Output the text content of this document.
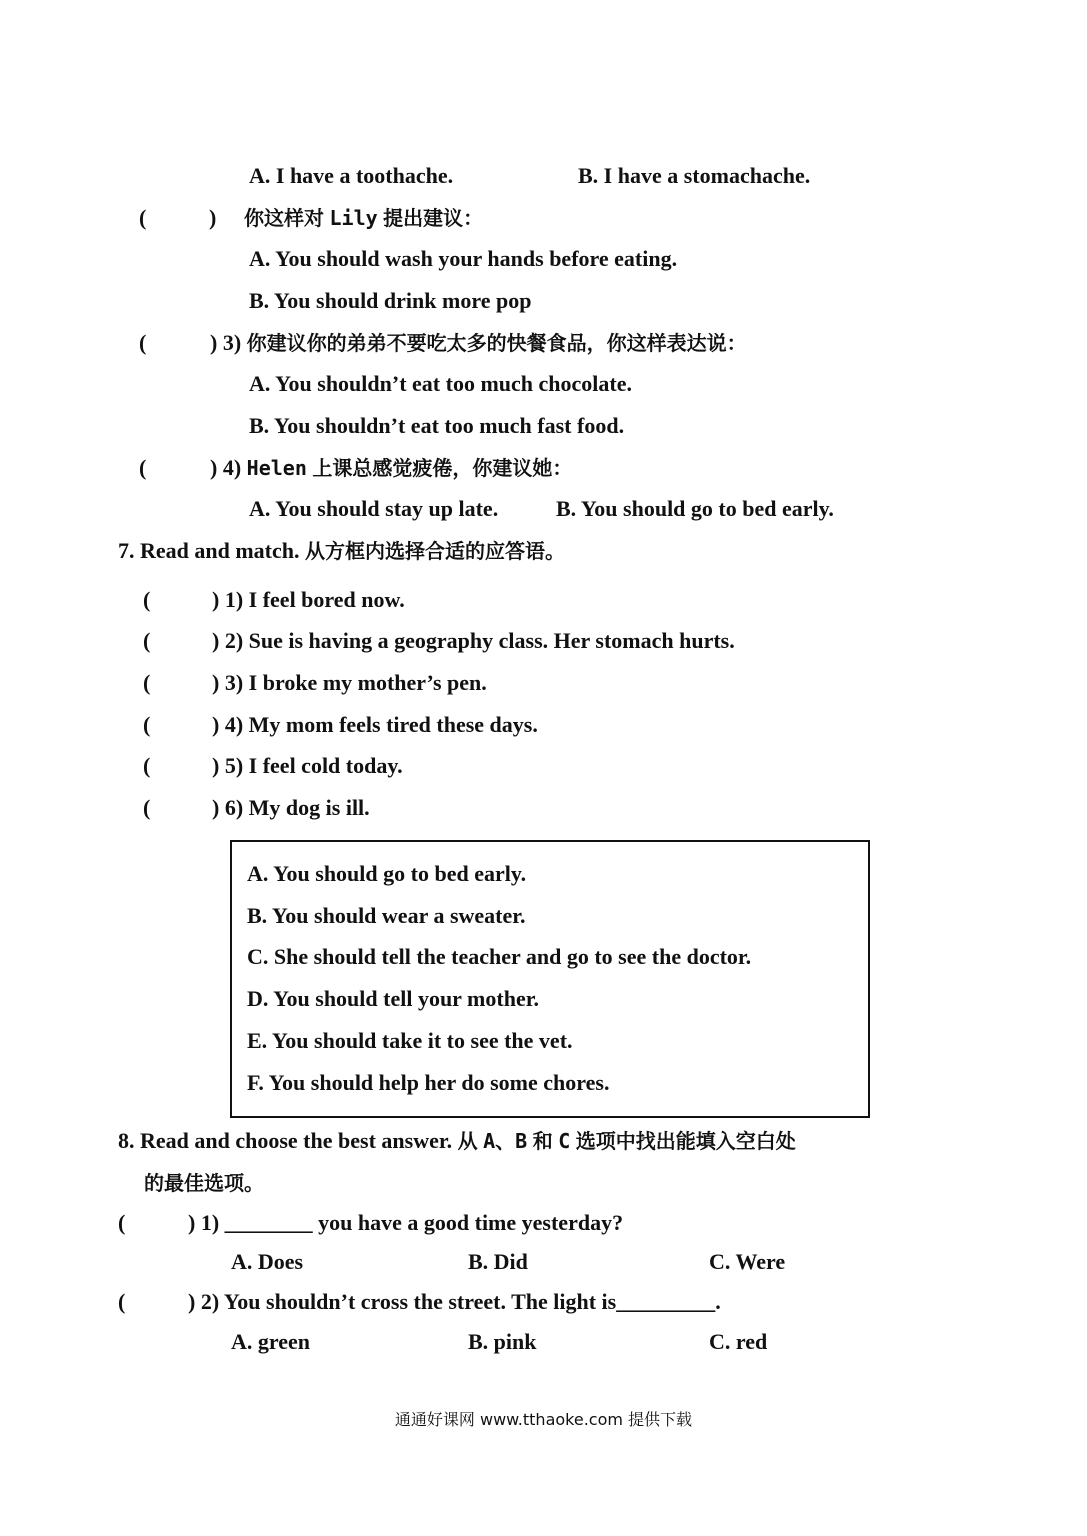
A. I have a toothache.	B. I have a stomachache.
(	) 你这样对 Lily 提出建议：
A. You should wash your hands before eating.
B. You should drink more pop
(	) 3) 你建议你的弟弟不要吃太多的快餐食品，你这样表达说：
A. You shouldn’t eat too much chocolate.
B. You shouldn’t eat too much fast food.
(	) 4) Helen 上课总感觉疲倦，你建议她：
A. You should stay up late.	B. You should go to bed early.
7. Read and match. 从方框内选择合适的应答语。
(	) 1) I feel bored now.
(	) 2) Sue is having a geography class. Her stomach hurts.
(	) 3) I broke my mother’s pen.
(	) 4) My mom feels tired these days.
(	) 5) I feel cold today.
(	) 6) My dog is ill.
A. You should go to bed early.
B. You should wear a sweater.
C. She should tell the teacher and go to see the doctor.
D. You should tell your mother.
E. You should take it to see the vet.
F. You should help her do some chores.
8. Read and choose the best answer. 从 A、B 和 C 选项中找出能填入空白处
的最佳选项。
(	) 1) ________ you have a good time yesterday?
A. Does	B. Did	C. Were
(	) 2) You shouldn’t cross the street. The light is_________.
A. green	B. pink	C. red
通通好课网 www.tthaoke.com 提供下载
